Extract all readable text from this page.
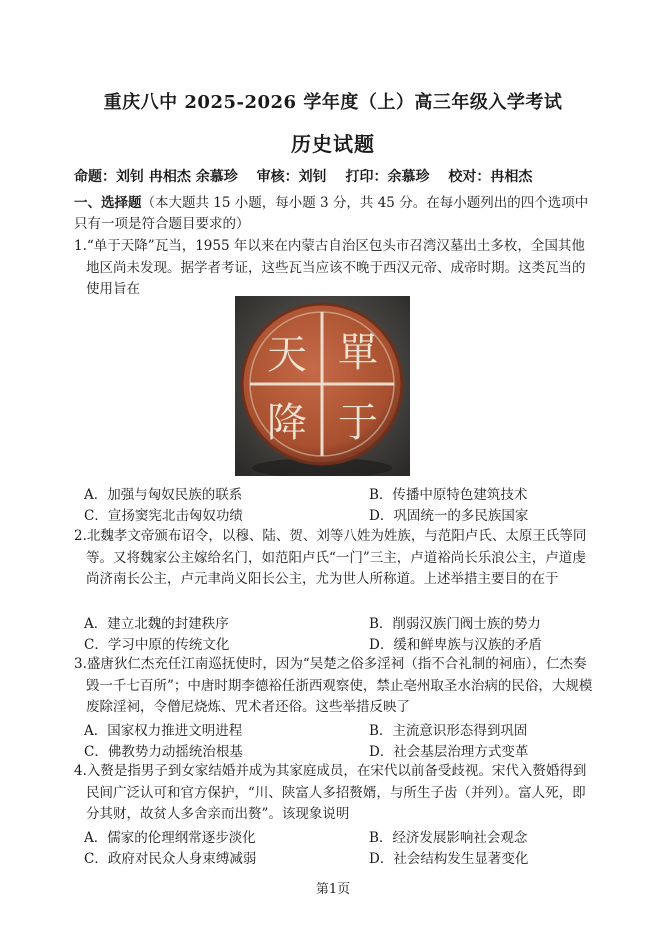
重庆八中 2025-2026 学年度（上）高三年级入学考试
历史试题
命题：刘钊 冉相杰 余慕珍 审核：刘钊 打印：余慕珍 校对：冉相杰
一、选择题（本大题共 15 小题，每小题 3 分，共 45 分。在每小题列出的四个选项中只有一项是符合题目要求的）

1.“单于天降”瓦当，1955 年以来在内蒙古自治区包头市召湾汉墓出土多枚，全国其他地区尚未发现。据学者考证，这些瓦当应该不晚于西汉元帝、成帝时期。这类瓦当的使用旨在

單
于
天
降
A．加强与匈奴民族的联系	B．传播中原特色建筑技术
C．宣扬窦宪北击匈奴功绩	D．巩固统一的多民族国家

2.北魏孝文帝颁布诏令，以穆、陆、贺、刘等八姓为姓族，与范阳卢氏、太原王氏等同等。又将魏家公主嫁给名门，如范阳卢氏“一门”三主，卢道裕尚长乐浪公主，卢道虔尚济南长公主，卢元聿尚义阳长公主，尤为世人所称道。上述举措主要目的在于

A．建立北魏的封建秩序	B．削弱汉族门阀士族的势力
C．学习中原的传统文化	D．缓和鲜卑族与汉族的矛盾

3.盛唐狄仁杰充任江南巡抚使时，因为“吴楚之俗多淫祠（指不合礼制的祠庙），仁杰奏毁一千七百所”；中唐时期李德裕任浙西观察使，禁止亳州取圣水治病的民俗，大规模废除淫祠，令僧尼烧炼、咒术者还俗。这些举措反映了

A．国家权力推进文明进程	B．主流意识形态得到巩固
C．佛教势力动摇统治根基	D．社会基层治理方式变革

4.入赘是指男子到女家结婚并成为其家庭成员，在宋代以前备受歧视。宋代入赘婚得到民间广泛认可和官方保护，“川、陕富人多招赘婿，与所生子齿（并列）。富人死，即分其财，故贫人多舍亲而出赘”。该现象说明

A．儒家的伦理纲常逐步淡化	B．经济发展影响社会观念
C．政府对民众人身束缚减弱	D．社会结构发生显著变化
第1页
